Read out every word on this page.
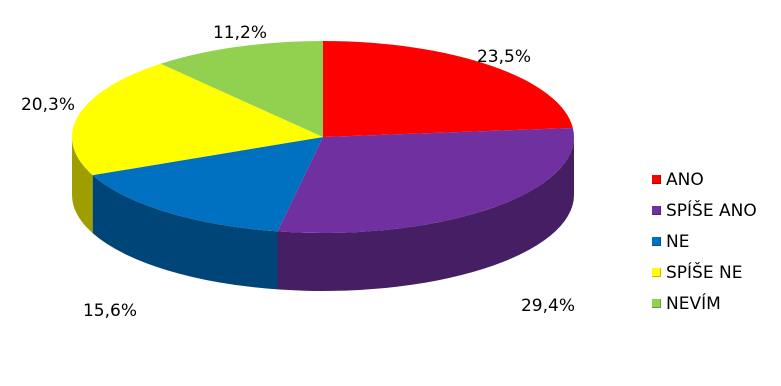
23,5%
29,4%
15,6%
20,3%
11,2%
ANO
SPÍŠE ANO
NE
SPÍŠE NE
NEVÍM
